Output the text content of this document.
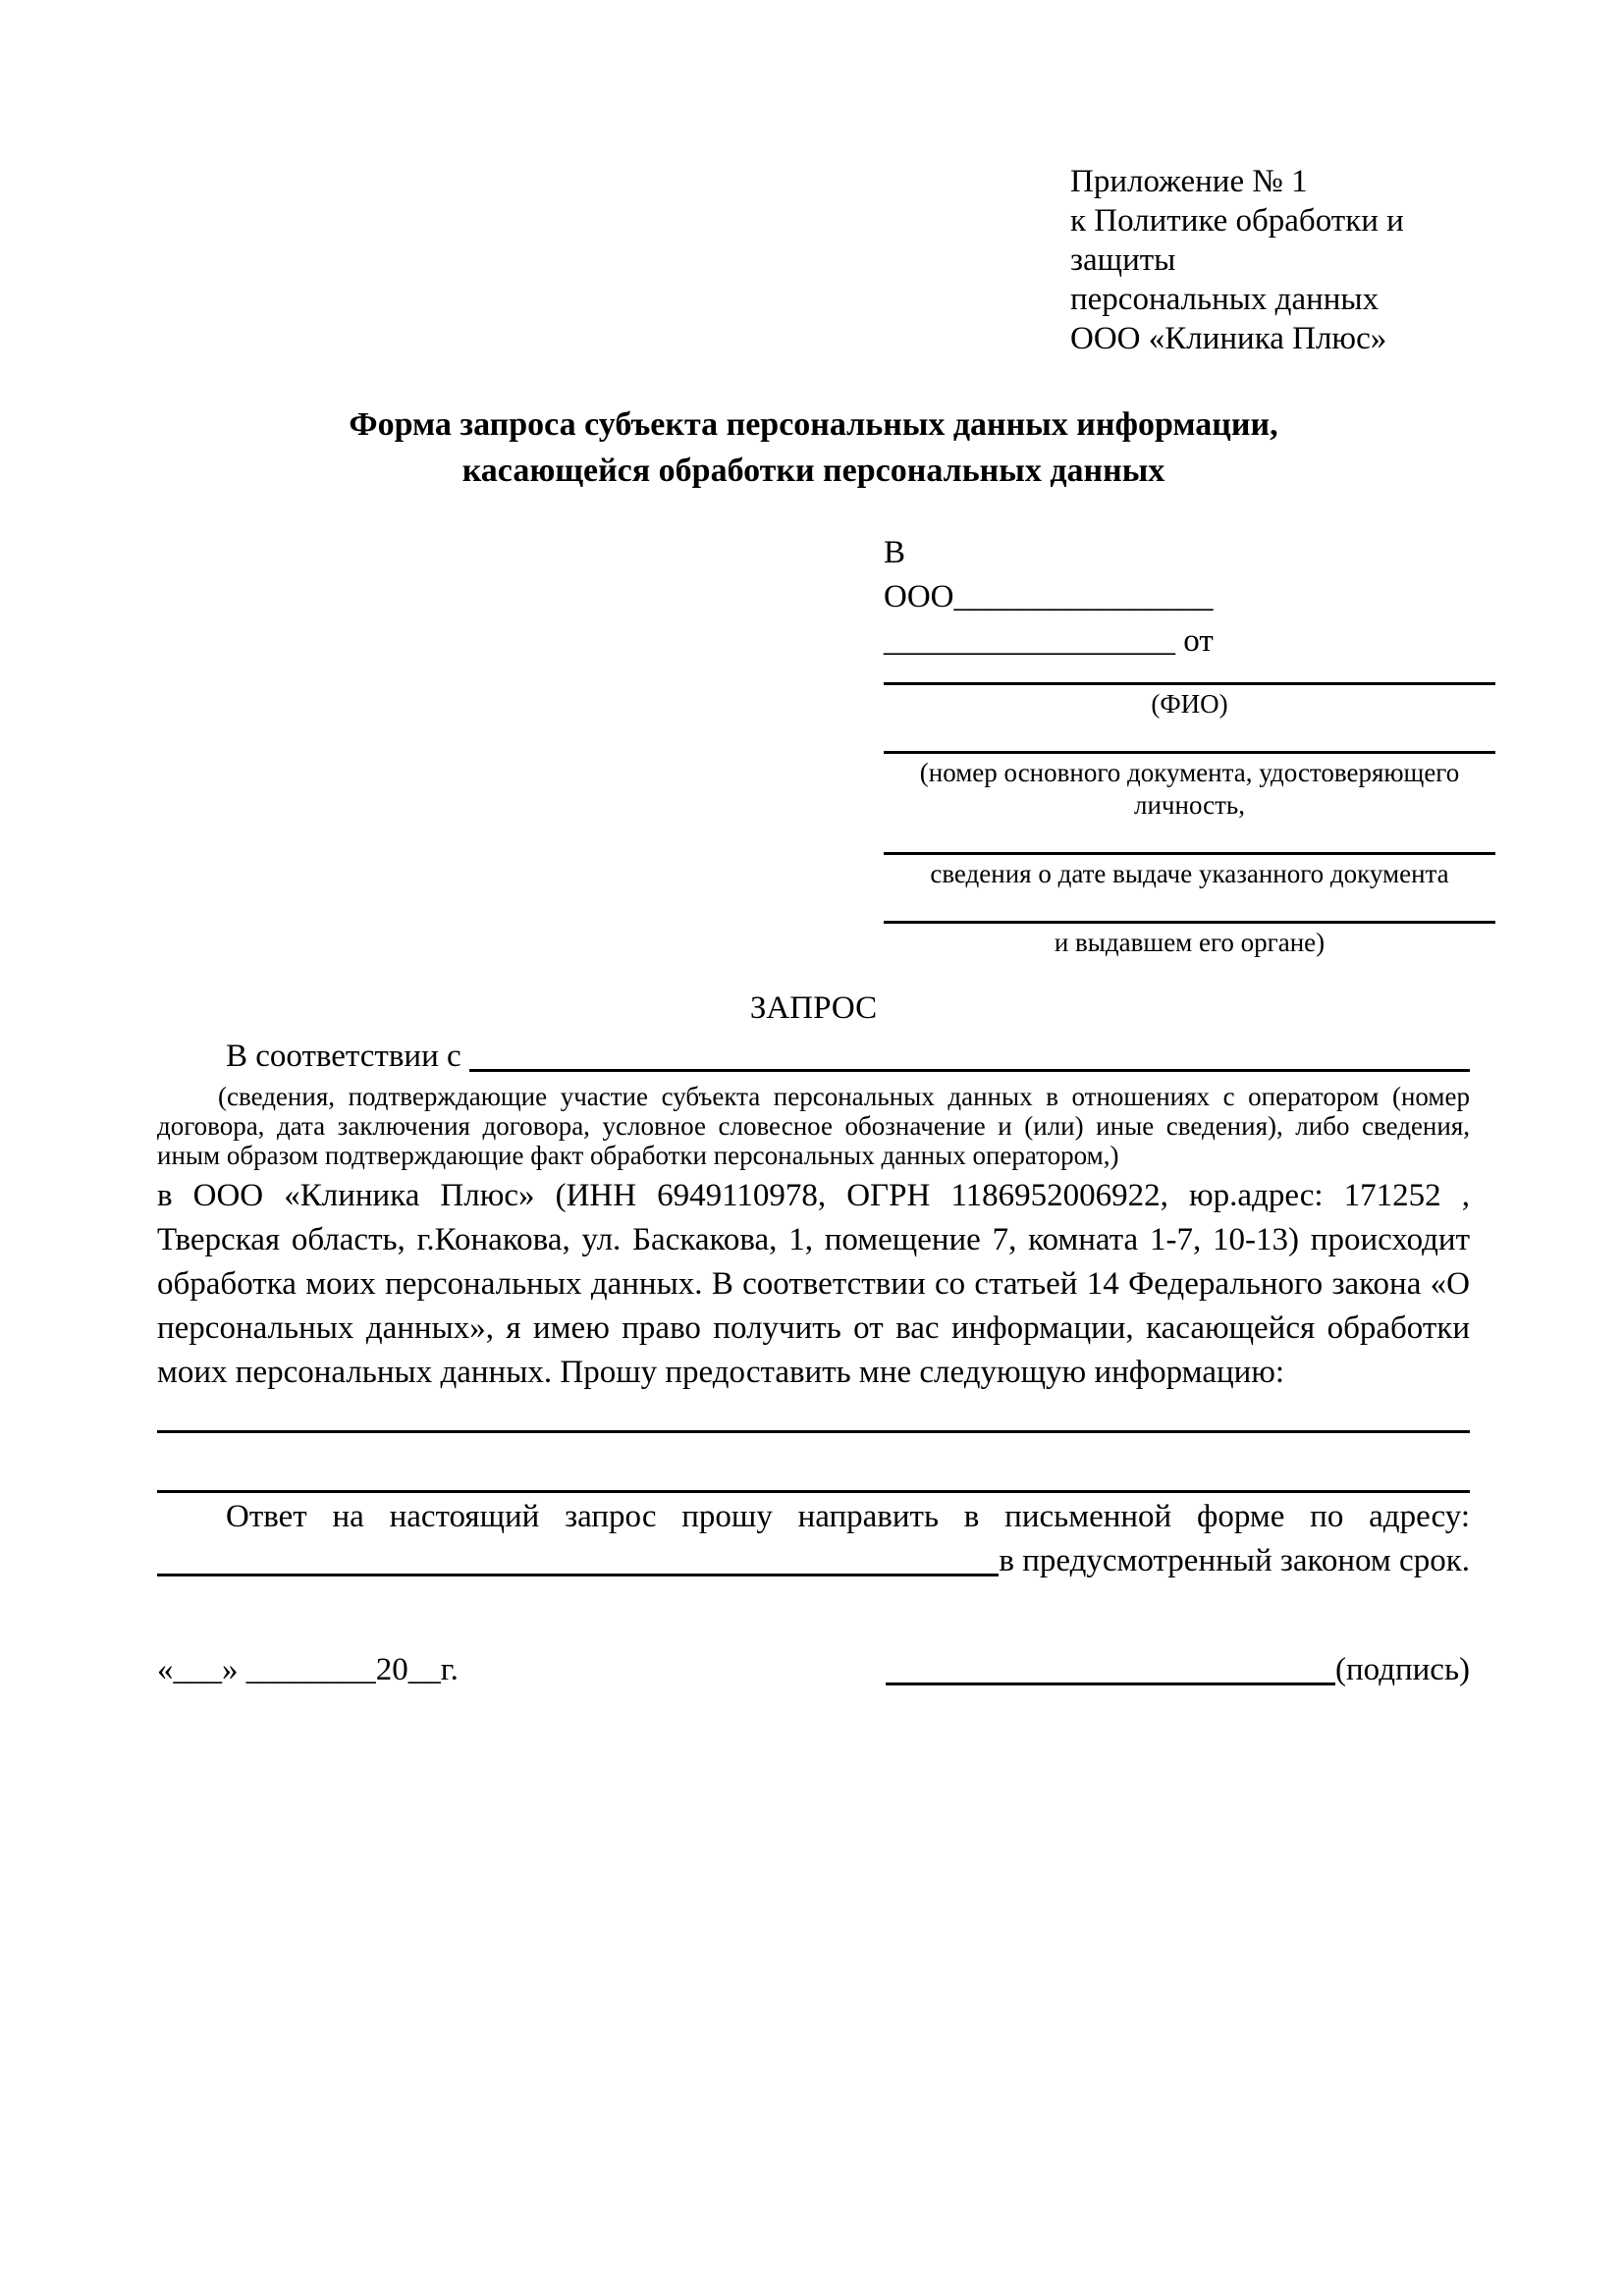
Приложение № 1
к Политике обработки и защиты
персональных данных
ООО «Клиника Плюс»
Форма запроса субъекта персональных данных информации,
касающейся обработки персональных данных
В
ООО________________
__________________ от
(ФИО)
(номер основного документа, удостоверяющего личность,
сведения о дате выдаче указанного документа
и выдавшем его органе)
ЗАПРОС
В соответствии с
(сведения, подтверждающие участие субъекта персональных данных в отношениях с оператором (номер договора, дата заключения договора, условное словесное обозначение и (или) иные сведения), либо сведения, иным образом подтверждающие факт обработки персональных данных оператором,)
в ООО «Клиника Плюс» (ИНН 6949110978, ОГРН 1186952006922, юр.адрес: 171252 , Тверская область, г.Конакова, ул. Баскакова, 1, помещение 7, комната 1-7, 10-13) происходит обработка моих персональных данных. В соответствии со статьей 14 Федерального закона «О персональных данных», я имею право получить от вас информации, касающейся обработки моих персональных данных. Прошу предоставить мне следующую информацию:
Ответ на настоящий запрос прошу направить в письменной форме по адресу:
в предусмотренный законом срок.
«___» ________20__г.	(подпись)
